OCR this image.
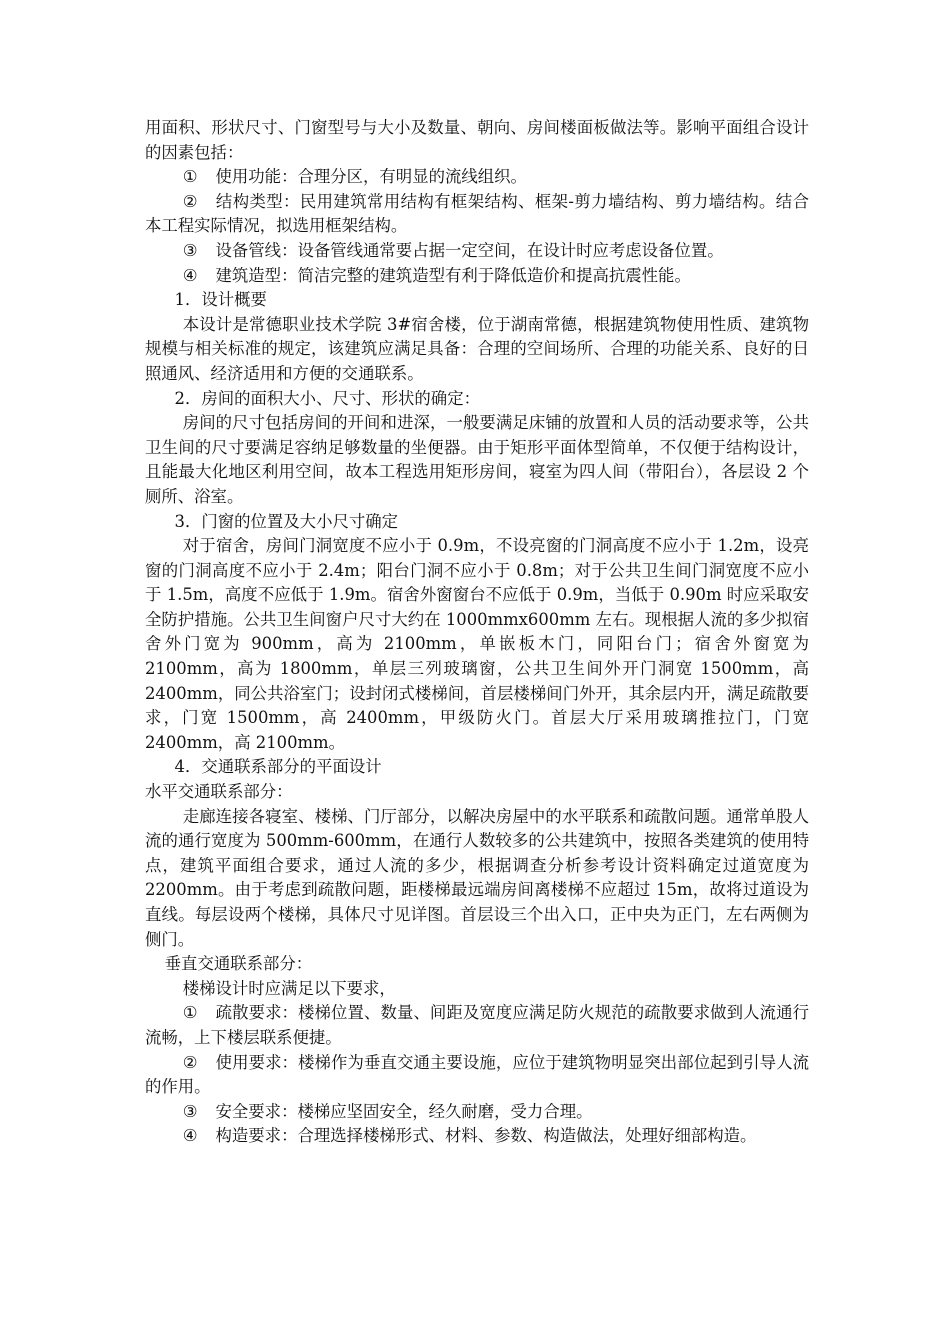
用面积、形状尺寸、门窗型号与大小及数量、朝向、房间楼面板做法等。影响平面组合设计的因素包括：

① 使用功能：合理分区，有明显的流线组织。

② 结构类型：民用建筑常用结构有框架结构、框架-剪力墙结构、剪力墙结构。结合本工程实际情况，拟选用框架结构。

③ 设备管线：设备管线通常要占据一定空间，在设计时应考虑设备位置。

④ 建筑造型：简洁完整的建筑造型有利于降低造价和提高抗震性能。

1．设计概要

本设计是常德职业技术学院 3#宿舍楼，位于湖南常德，根据建筑物使用性质、建筑物规模与相关标准的规定，该建筑应满足具备：合理的空间场所、合理的功能关系、良好的日照通风、经济适用和方便的交通联系。

2．房间的面积大小、尺寸、形状的确定：

房间的尺寸包括房间的开间和进深，一般要满足床铺的放置和人员的活动要求等，公共卫生间的尺寸要满足容纳足够数量的坐便器。由于矩形平面体型简单，不仅便于结构设计，且能最大化地区利用空间，故本工程选用矩形房间，寝室为四人间（带阳台），各层设 2 个厕所、浴室。

3．门窗的位置及大小尺寸确定

对于宿舍，房间门洞宽度不应小于 0.9m，不设亮窗的门洞高度不应小于 1.2m，设亮窗的门洞高度不应小于 2.4m；阳台门洞不应小于 0.8m；对于公共卫生间门洞宽度不应小于 1.5m，高度不应低于 1.9m。宿舍外窗窗台不应低于 0.9m，当低于 0.90m 时应采取安全防护措施。公共卫生间窗户尺寸大约在 1000mmx600mm 左右。现根据人流的多少拟宿舍外门宽为 900mm，高为 2100mm，单嵌板木门，同阳台门；宿舍外窗宽为 2100mm，高为 1800mm，单层三列玻璃窗，公共卫生间外开门洞宽 1500mm，高 2400mm，同公共浴室门；设封闭式楼梯间，首层楼梯间门外开，其余层内开，满足疏散要求，门宽 1500mm，高 2400mm，甲级防火门。首层大厅采用玻璃推拉门，门宽 2400mm，高 2100mm。

4．交通联系部分的平面设计

水平交通联系部分：

走廊连接各寝室、楼梯、门厅部分，以解决房屋中的水平联系和疏散问题。通常单股人流的通行宽度为 500mm-600mm，在通行人数较多的公共建筑中，按照各类建筑的使用特点，建筑平面组合要求，通过人流的多少，根据调查分析参考设计资料确定过道宽度为 2200mm。由于考虑到疏散问题，距楼梯最远端房间离楼梯不应超过 15m，故将过道设为直线。每层设两个楼梯，具体尺寸见详图。首层设三个出入口，正中央为正门，左右两侧为侧门。

垂直交通联系部分：

楼梯设计时应满足以下要求，

① 疏散要求：楼梯位置、数量、间距及宽度应满足防火规范的疏散要求做到人流通行流畅，上下楼层联系便捷。

② 使用要求：楼梯作为垂直交通主要设施，应位于建筑物明显突出部位起到引导人流的作用。

③ 安全要求：楼梯应坚固安全，经久耐磨，受力合理。

④ 构造要求：合理选择楼梯形式、材料、参数、构造做法，处理好细部构造。
